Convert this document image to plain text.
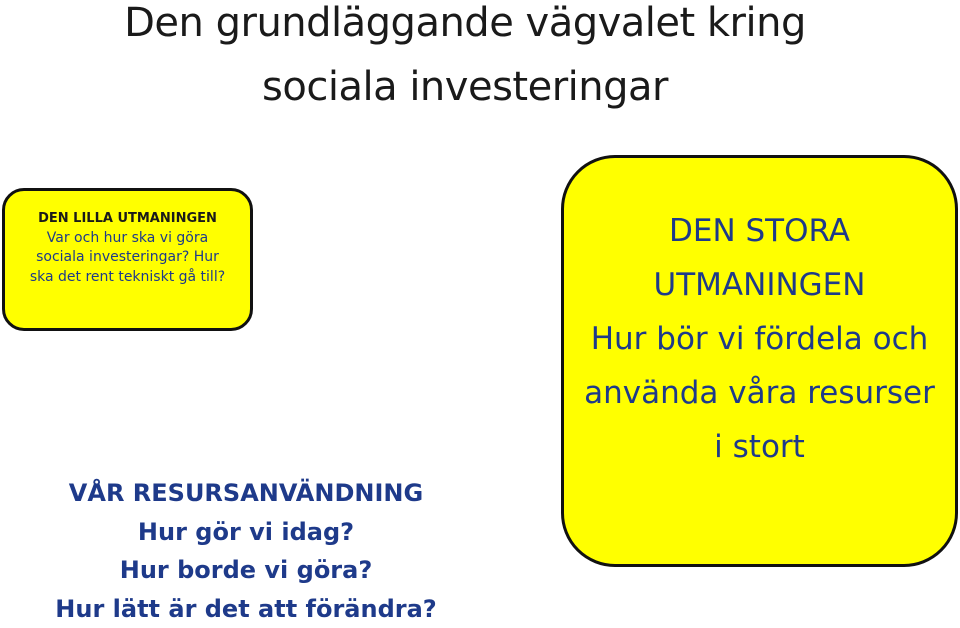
Den grundläggande vägvalet kring
sociala investeringar
DEN LILLA UTMANINGEN
Var och hur ska vi göra sociala investeringar? Hur ska det rent tekniskt gå till?
VÅR RESURSANVÄNDNING
Hur gör vi idag?
Hur borde vi göra?
Hur lätt är det att förändra?
DEN STORA UTMANINGEN
Hur bör vi fördela och använda våra resurser i stort
